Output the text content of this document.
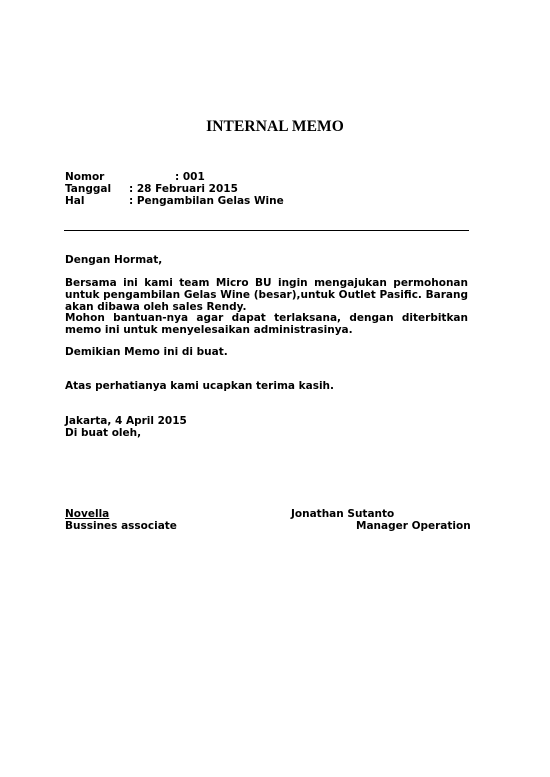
INTERNAL MEMO
Nomor	: 001
Tanggal : 28 Februari 2015
Hal	: Pengambilan Gelas Wine
Dengan Hormat,
Bersama ini kami team Micro BU ingin mengajukan permohonan untuk pengambilan Gelas Wine (besar),untuk Outlet Pasific. Barang akan dibawa oleh sales Rendy.
Mohon bantuan-nya agar dapat terlaksana, dengan diterbitkan memo ini untuk menyelesaikan administrasinya.
Demikian Memo ini di buat.
Atas perhatianya kami ucapkan terima kasih.
Jakarta, 4 April 2015
Di buat oleh,
Novella
Bussines associate
Jonathan Sutanto
Manager Operation
